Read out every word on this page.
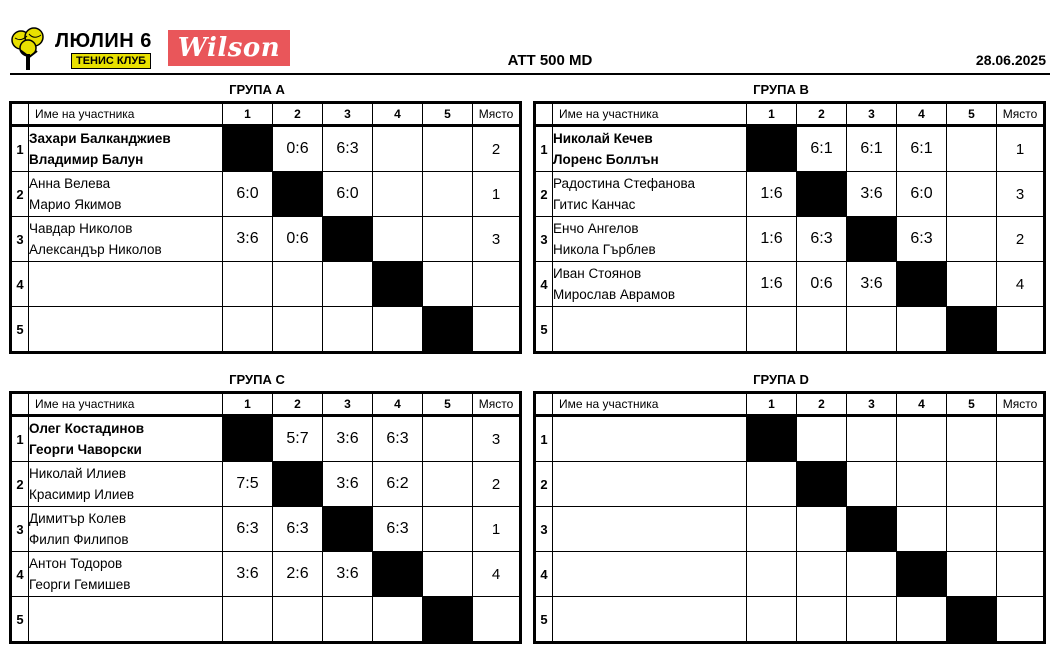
ЛЮЛИН 6
ТЕНИС КЛУБ	Wilson	ATT 500 MD	28.06.2025
ГРУПА А
	Име на участника	1	2	3	4	5	Място
1	Захари Балканджиев
Владимир Балун		0:6	6:3			2
2	Анна Велева
Марио Якимов	6:0		6:0			1
3	Чавдар Николов
Александър Николов	3:6	0:6				3
4	

5	

ГРУПА B
	Име на участника	1	2	3	4	5	Място
1	Николай Кечев
Лоренс Боллън		6:1	6:1	6:1		1
2	Радостина Стефанова
Гитис Канчас	1:6		3:6	6:0		3
3	Енчо Ангелов
Никола Гърблев	1:6	6:3		6:3		2
4	Иван Стоянов
Мирослав Аврамов	1:6	0:6	3:6			4
5	

ГРУПА C
	Име на участника	1	2	3	4	5	Място
1	Олег Костадинов
Георги Чаворски		5:7	3:6	6:3		3
2	Николай Илиев
Красимир Илиев	7:5		3:6	6:2		2
3	Димитър Колев
Филип Филипов	6:3	6:3		6:3		1
4	Антон Тодоров
Георги Гемишев	3:6	2:6	3:6			4
5	

ГРУПА D
	Име на участника	1	2	3	4	5	Място
1	

2	

3	

4	

5	
